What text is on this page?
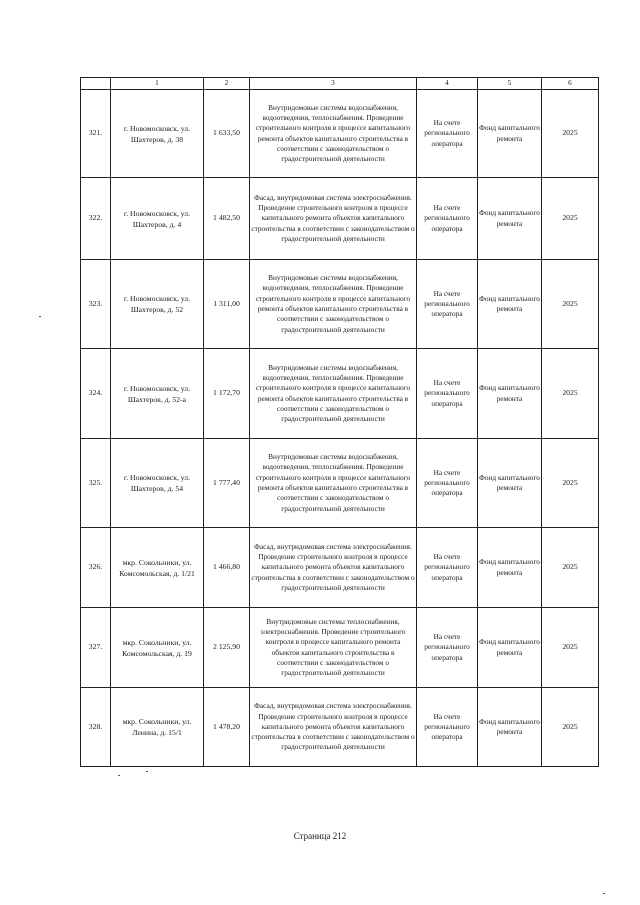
	1	2	3	4	5	6
321.	г. Новомосковск, ул. Шахтеров, д. 38	1 633,50	Внутридомовые системы водоснабжения, водоотведения, теплоснабжения. Проведение строительного контроля в процессе капитального ремонта объектов капитального строительства в соответствии с законодательством о градостроительной деятельности	На счете регионального оператора	Фонд капитального ремонта	2025
322.	г. Новомосковск, ул. Шахтеров, д. 4	1 482,50	Фасад, внутридомовая система электроснабжения. Проведение строительного контроля в процессе капитального ремонта объектов капитального строительства в соответствии с законодательством о градостроительной деятельности	На счете регионального оператора	Фонд капитального ремонта	2025
323.	г. Новомосковск, ул. Шахтеров, д. 52	1 311,00	Внутридомовые системы водоснабжения, водоотведения, теплоснабжения. Проведение строительного контроля в процессе капитального ремонта объектов капитального строительства в соответствии с законодательством о градостроительной деятельности	На счете регионального оператора	Фонд капитального ремонта	2025
324.	г. Новомосковск, ул. Шахтеров, д. 52-а	1 172,70	Внутридомовые системы водоснабжения, водоотведения, теплоснабжения. Проведение строительного контроля в процессе капитального ремонта объектов капитального строительства в соответствии с законодательством о градостроительной деятельности	На счете регионального оператора	Фонд капитального ремонта	2025
325.	г. Новомосковск, ул. Шахтеров, д. 54	1 777,40	Внутридомовые системы водоснабжения, водоотведения, теплоснабжения. Проведение строительного контроля в процессе капитального ремонта объектов капитального строительства в соответствии с законодательством о градостроительной деятельности	На счете регионального оператора	Фонд капитального ремонта	2025
326.	мкр. Сокольники, ул. Комсомольская, д. 1/21	1 466,80	Фасад, внутридомовая система электроснабжения. Проведение строительного контроля в процессе капитального ремонта объектов капитального строительства в соответствии с законодательством о градостроительной деятельности	На счете регионального оператора	Фонд капитального ремонта	2025
327.	мкр. Сокольники, ул. Комсомольская, д. 19	2 125,90	Внутридомовые системы теплоснабжения, электроснабжения. Проведение строительного контроля в процессе капитального ремонта объектов капитального строительства в соответствии с законодательством о градостроительной деятельности	На счете регионального оператора	Фонд капитального ремонта	2025
328.	мкр. Сокольники, ул. Ленина, д. 15/1	1 478,20	Фасад, внутридомовая система электроснабжения. Проведение строительного контроля в процессе капитального ремонта объектов капитального строительства в соответствии с законодательством о градостроительной деятельности	На счете регионального оператора	Фонд капитального ремонта	2025
Страница 212
